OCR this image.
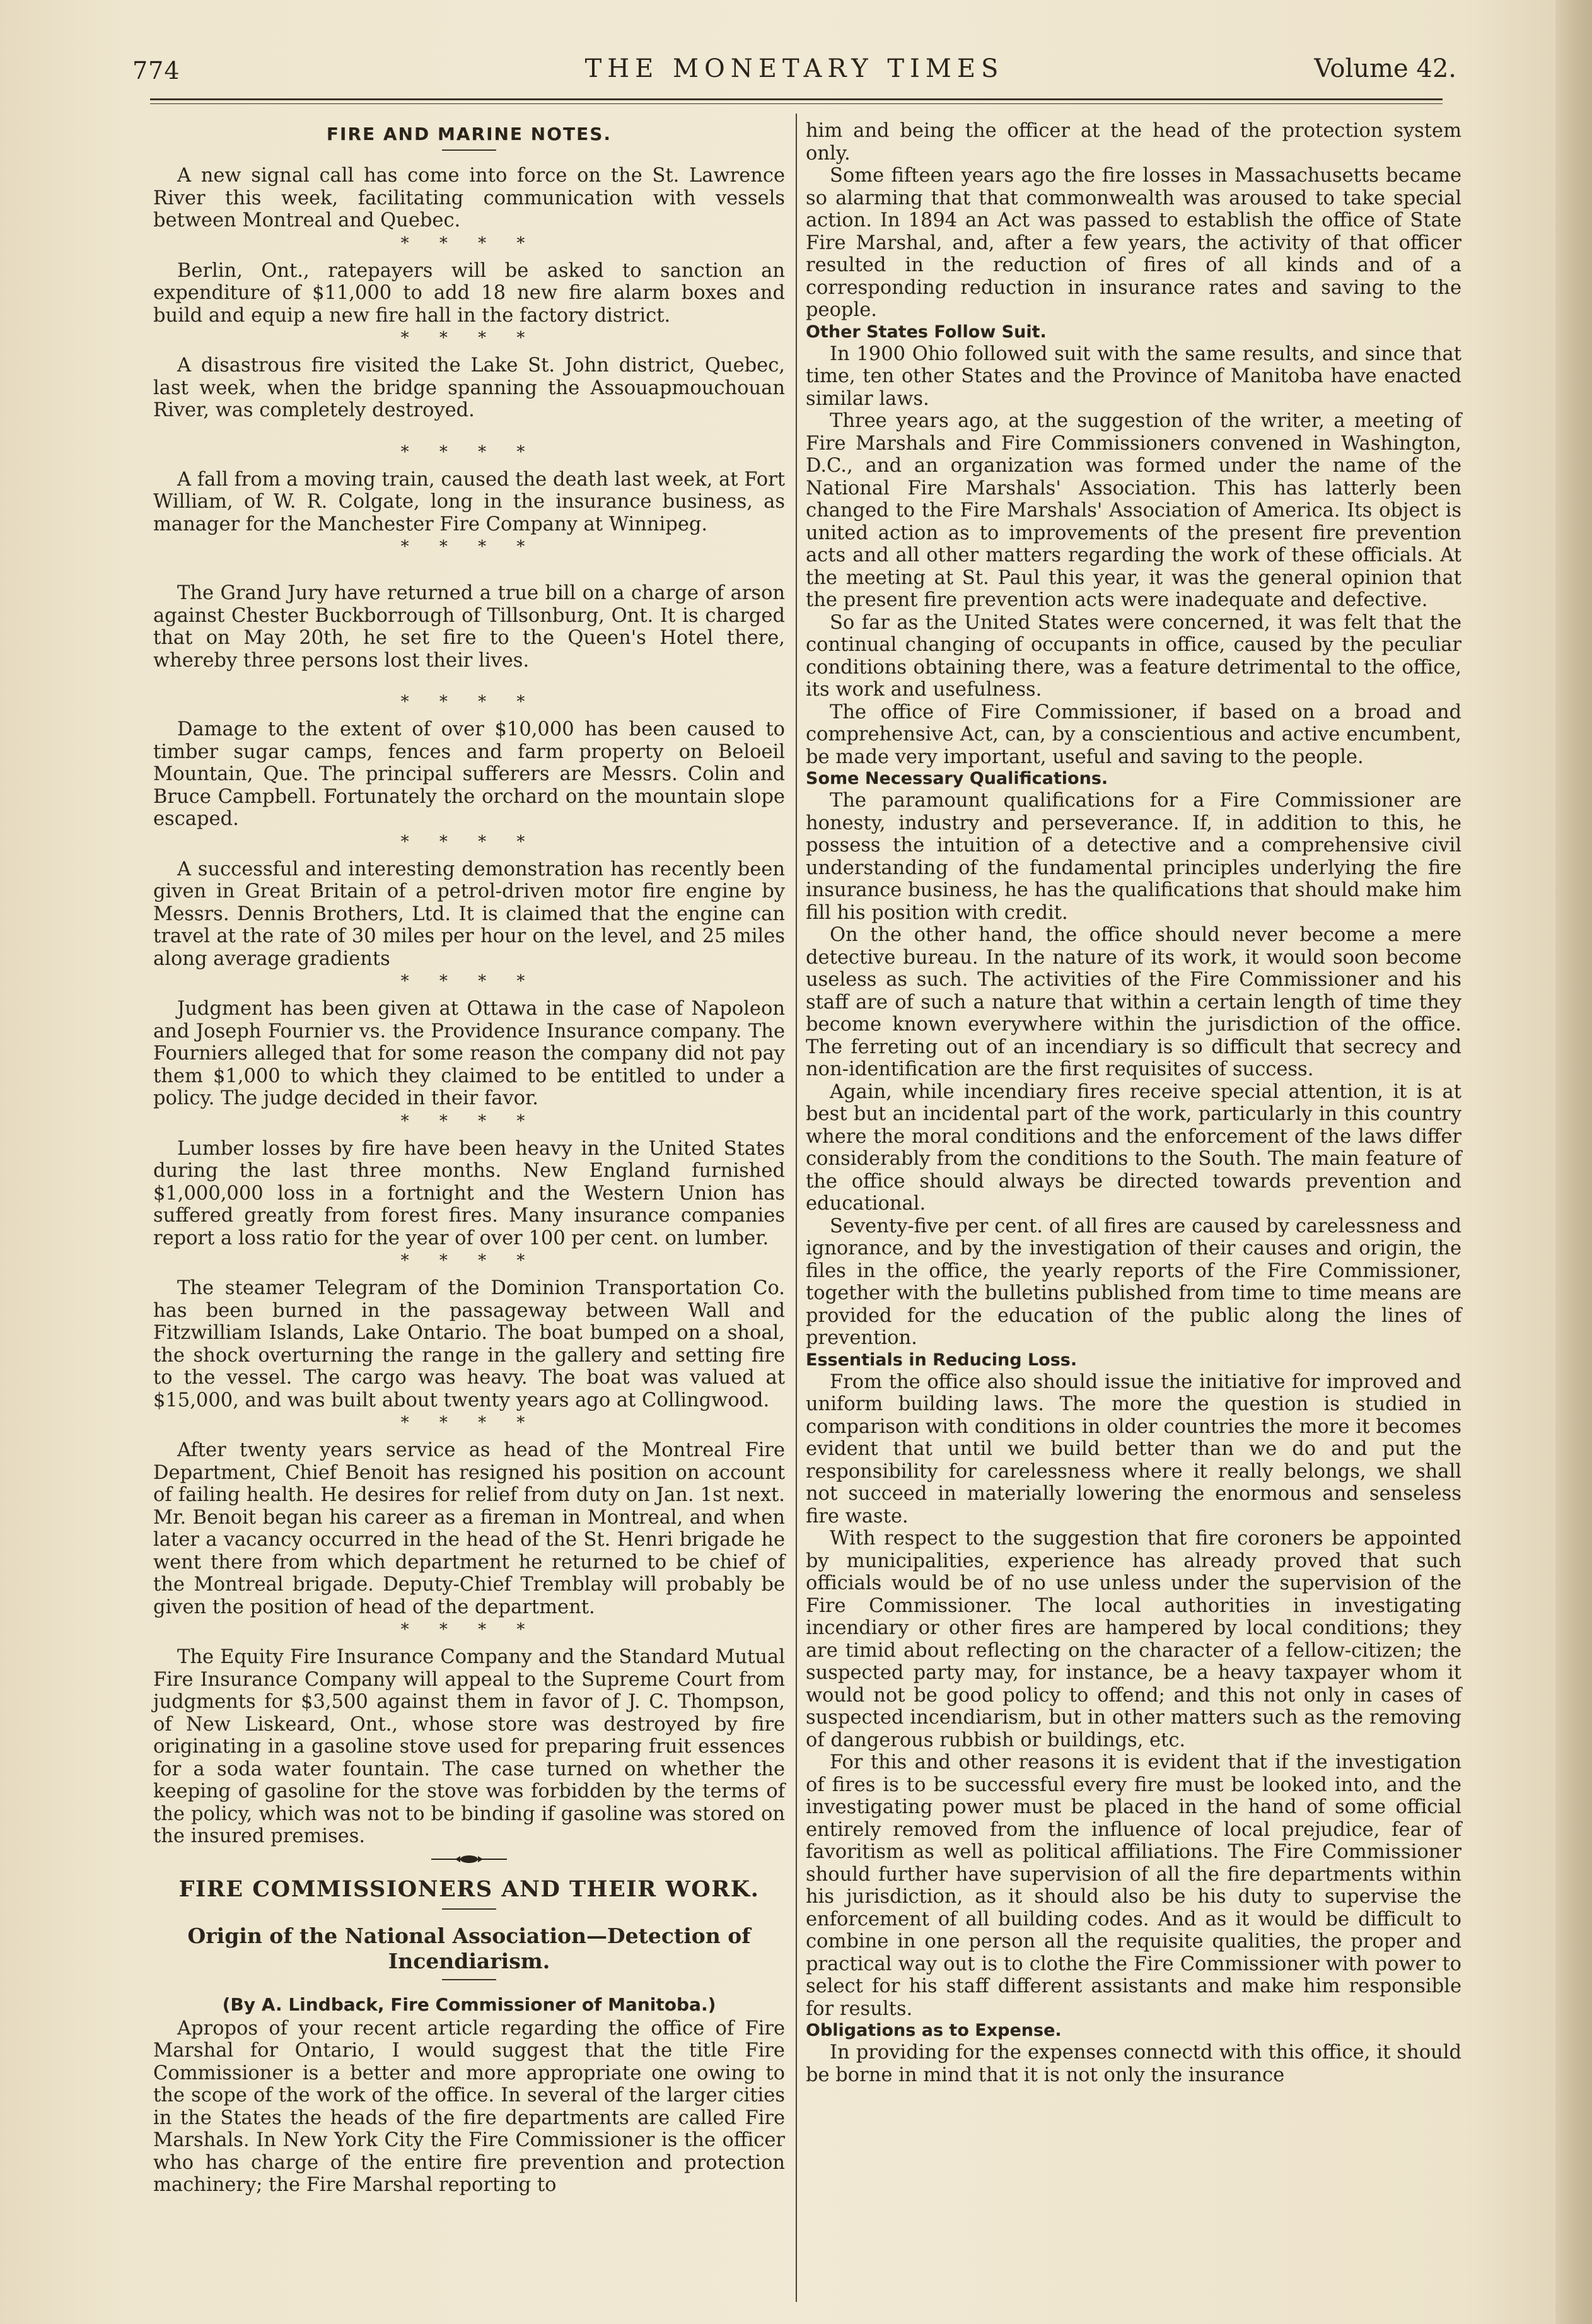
774	THE MONETARY TIMES	Volume 42.
FIRE AND MARINE NOTES.

A new signal call has come into force on the St. Lawrence River this week, facilitating communication with vessels between Montreal and Quebec.

* * * *

Berlin, Ont., ratepayers will be asked to sanction an expenditure of $11,000 to add 18 new fire alarm boxes and build and equip a new fire hall in the factory district.

* * * *

A disastrous fire visited the Lake St. John district, Quebec, last week, when the bridge spanning the Assouapmouchouan River, was completely destroyed.

* * * *

A fall from a moving train, caused the death last week, at Fort William, of W. R. Colgate, long in the insurance business, as manager for the Manchester Fire Company at Winnipeg.

* * * *

The Grand Jury have returned a true bill on a charge of arson against Chester Buckborrough of Tillsonburg, Ont. It is charged that on May 20th, he set fire to the Queen's Hotel there, whereby three persons lost their lives.

* * * *

Damage to the extent of over $10,000 has been caused to timber sugar camps, fences and farm property on Beloeil Mountain, Que. The principal sufferers are Messrs. Colin and Bruce Campbell. Fortunately the orchard on the mountain slope escaped.

* * * *

A successful and interesting demonstration has recently been given in Great Britain of a petrol-driven motor fire engine by Messrs. Dennis Brothers, Ltd. It is claimed that the engine can travel at the rate of 30 miles per hour on the level, and 25 miles along average gradients

* * * *

Judgment has been given at Ottawa in the case of Napoleon and Joseph Fournier vs. the Providence Insurance company. The Fourniers alleged that for some reason the company did not pay them $1,000 to which they claimed to be entitled to under a policy. The judge decided in their favor.

* * * *

Lumber losses by fire have been heavy in the United States during the last three months. New England furnished $1,000,000 loss in a fortnight and the Western Union has suffered greatly from forest fires. Many insurance companies report a loss ratio for the year of over 100 per cent. on lumber.

* * * *

The steamer Telegram of the Dominion Transportation Co. has been burned in the passageway between Wall and Fitzwilliam Islands, Lake Ontario. The boat bumped on a shoal, the shock overturning the range in the gallery and setting fire to the vessel. The cargo was heavy. The boat was valued at $15,000, and was built about twenty years ago at Collingwood.

* * * *

After twenty years service as head of the Montreal Fire Department, Chief Benoit has resigned his position on account of failing health. He desires for relief from duty on Jan. 1st next. Mr. Benoit began his career as a fireman in Montreal, and when later a vacancy occurred in the head of the St. Henri brigade he went there from which department he returned to be chief of the Montreal brigade. Deputy-Chief Tremblay will probably be given the position of head of the department.

* * * *

The Equity Fire Insurance Company and the Standard Mutual Fire Insurance Company will appeal to the Supreme Court from judgments for $3,500 against them in favor of J. C. Thompson, of New Liskeard, Ont., whose store was destroyed by fire originating in a gasoline stove used for preparing fruit essences for a soda water fountain. The case turned on whether the keeping of gasoline for the stove was forbidden by the terms of the policy, which was not to be binding if gasoline was stored on the insured premises.

FIRE COMMISSIONERS AND THEIR WORK.
Origin of the National Association—Detection of Incendiarism.
(By A. Lindback, Fire Commissioner of Manitoba.)

Apropos of your recent article regarding the office of Fire Marshal for Ontario, I would suggest that the title Fire Commissioner is a better and more appropriate one owing to the scope of the work of the office. In several of the larger cities in the States the heads of the fire departments are called Fire Marshals. In New York City the Fire Commissioner is the officer who has charge of the entire fire prevention and protection machinery; the Fire Marshal reporting to

him and being the officer at the head of the protection system only.

Some fifteen years ago the fire losses in Massachusetts became so alarming that that commonwealth was aroused to take special action. In 1894 an Act was passed to establish the office of State Fire Marshal, and, after a few years, the activity of that officer resulted in the reduction of fires of all kinds and of a corresponding reduction in insurance rates and saving to the people.

Other States Follow Suit.

In 1900 Ohio followed suit with the same results, and since that time, ten other States and the Province of Manitoba have enacted similar laws.

Three years ago, at the suggestion of the writer, a meeting of Fire Marshals and Fire Commissioners convened in Washington, D.C., and an organization was formed under the name of the National Fire Marshals' Association. This has latterly been changed to the Fire Marshals' Association of America. Its object is united action as to improvements of the present fire prevention acts and all other matters regarding the work of these officials. At the meeting at St. Paul this year, it was the general opinion that the present fire prevention acts were inadequate and defective.

So far as the United States were concerned, it was felt that the continual changing of occupants in office, caused by the peculiar conditions obtaining there, was a feature detrimental to the office, its work and usefulness.

The office of Fire Commissioner, if based on a broad and comprehensive Act, can, by a conscientious and active encumbent, be made very important, useful and saving to the people.

Some Necessary Qualifications.

The paramount qualifications for a Fire Commissioner are honesty, industry and perseverance. If, in addition to this, he possess the intuition of a detective and a comprehensive civil understanding of the fundamental principles underlying the fire insurance business, he has the qualifications that should make him fill his position with credit.

On the other hand, the office should never become a mere detective bureau. In the nature of its work, it would soon become useless as such. The activities of the Fire Commissioner and his staff are of such a nature that within a certain length of time they become known everywhere within the jurisdiction of the office. The ferreting out of an incendiary is so difficult that secrecy and non-identification are the first requisites of success.

Again, while incendiary fires receive special attention, it is at best but an incidental part of the work, particularly in this country where the moral conditions and the enforcement of the laws differ considerably from the conditions to the South. The main feature of the office should always be directed towards prevention and educational.

Seventy-five per cent. of all fires are caused by carelessness and ignorance, and by the investigation of their causes and origin, the files in the office, the yearly reports of the Fire Commissioner, together with the bulletins published from time to time means are provided for the education of the public along the lines of prevention.

Essentials in Reducing Loss.

From the office also should issue the initiative for improved and uniform building laws. The more the question is studied in comparison with conditions in older countries the more it becomes evident that until we build better than we do and put the responsibility for carelessness where it really belongs, we shall not succeed in materially lowering the enormous and senseless fire waste.

With respect to the suggestion that fire coroners be appointed by municipalities, experience has already proved that such officials would be of no use unless under the supervision of the Fire Commissioner. The local authorities in investigating incendiary or other fires are hampered by local conditions; they are timid about reflecting on the character of a fellow-citizen; the suspected party may, for instance, be a heavy taxpayer whom it would not be good policy to offend; and this not only in cases of suspected incendiarism, but in other matters such as the removing of dangerous rubbish or buildings, etc.

For this and other reasons it is evident that if the investigation of fires is to be successful every fire must be looked into, and the investigating power must be placed in the hand of some official entirely removed from the influence of local prejudice, fear of favoritism as well as political affiliations. The Fire Commissioner should further have supervision of all the fire departments within his jurisdiction, as it should also be his duty to supervise the enforcement of all building codes. And as it would be difficult to combine in one person all the requisite qualities, the proper and practical way out is to clothe the Fire Commissioner with power to select for his staff different assistants and make him responsible for results.

Obligations as to Expense.

In providing for the expenses connectd with this office, it should be borne in mind that it is not only the insurance
